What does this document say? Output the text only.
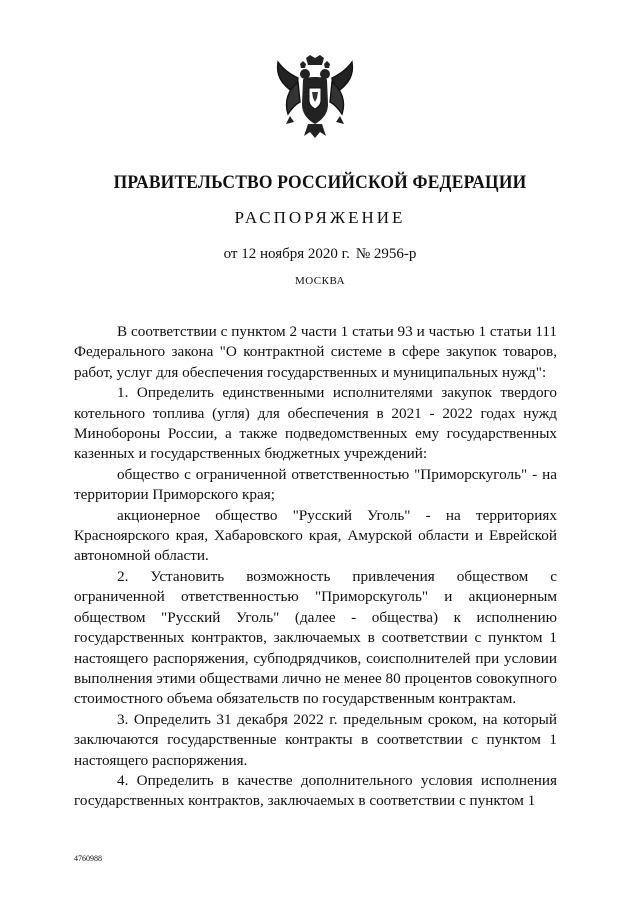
ПРАВИТЕЛЬСТВО РОССИЙСКОЙ ФЕДЕРАЦИИ
РАСПОРЯЖЕНИЕ
от 12 ноября 2020 г. № 2956-р
МОСКВА

В соответствии с пунктом 2 части 1 статьи 93 и частью 1 статьи 111 Федерального закона "О контрактной системе в сфере закупок товаров, работ, услуг для обеспечения государственных и муниципальных нужд":

1. Определить единственными исполнителями закупок твердого котельного топлива (угля) для обеспечения в 2021 - 2022 годах нужд Минобороны России, а также подведомственных ему государственных казенных и государственных бюджетных учреждений:

общество с ограниченной ответственностью "Приморскуголь" - на территории Приморского края;

акционерное общество "Русский Уголь" - на территориях Красноярского края, Хабаровского края, Амурской области и Еврейской автономной области.

2. Установить возможность привлечения обществом с ограниченной ответственностью "Приморскуголь" и акционерным обществом "Русский Уголь" (далее - общества) к исполнению государственных контрактов, заключаемых в соответствии с пунктом 1 настоящего распоряжения, субподрядчиков, соисполнителей при условии выполнения этими обществами лично не менее 80 процентов совокупного стоимостного объема обязательств по государственным контрактам.

3. Определить 31 декабря 2022 г. предельным сроком, на который заключаются государственные контракты в соответствии с пунктом 1 настоящего распоряжения.

4. Определить в качестве дополнительного условия исполнения государственных контрактов, заключаемых в соответствии с пунктом 1

4760988
